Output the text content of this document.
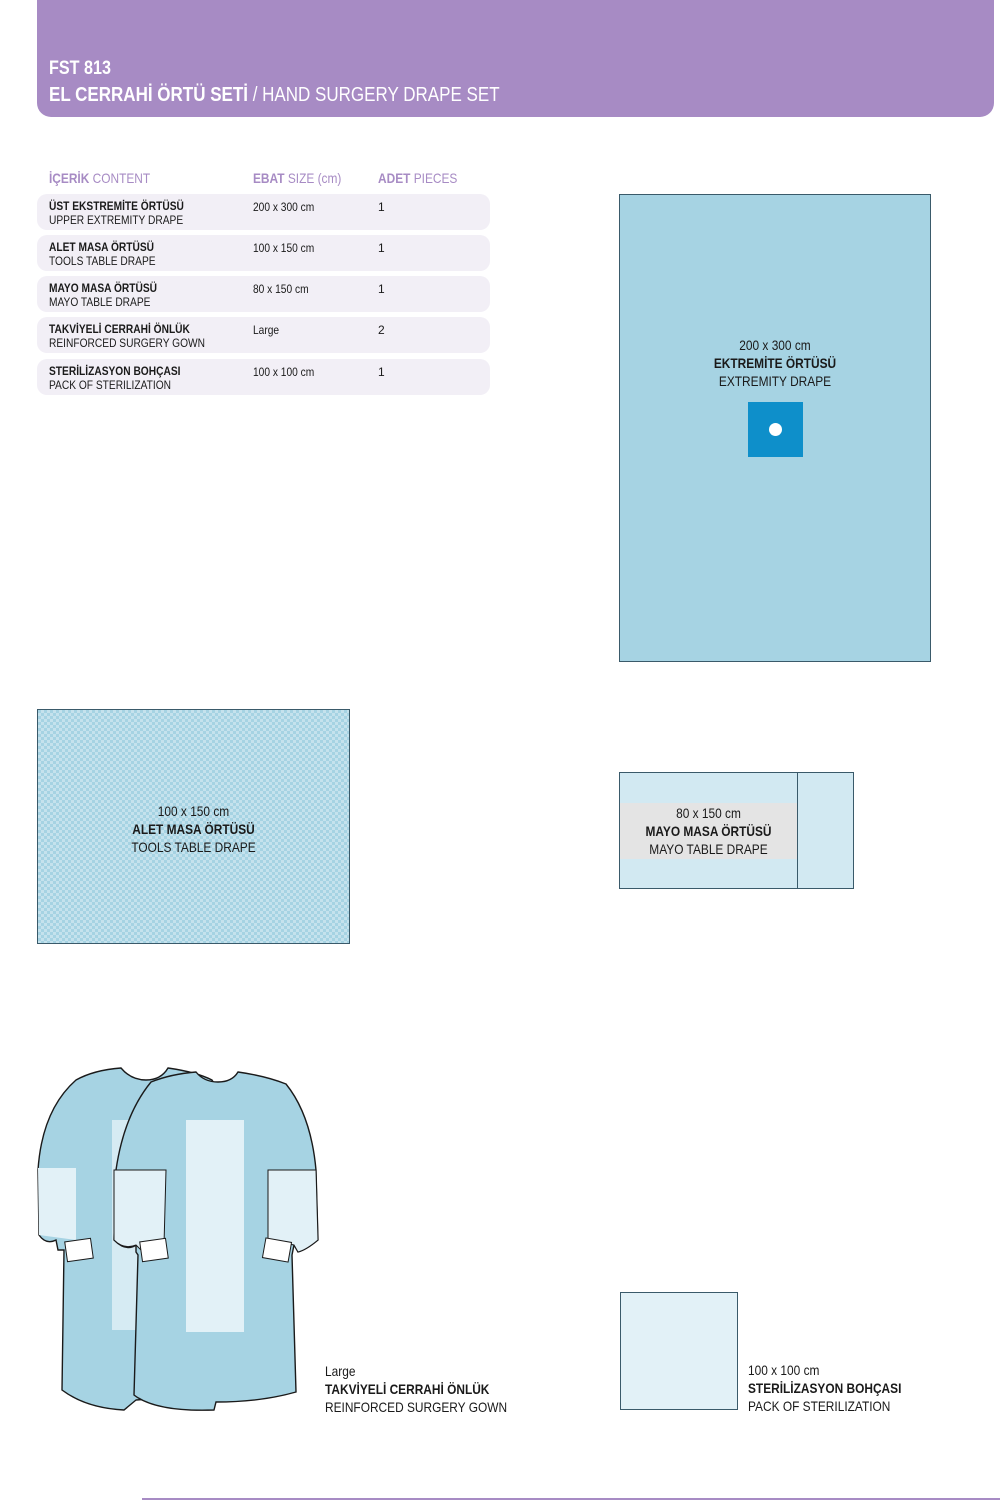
FST 813
EL CERRAHİ ÖRTÜ SETİ / HAND SURGERY DRAPE SET
İÇERİK CONTENT	EBAT SIZE (cm)	ADET PIECES
ÜST EKSTREMİTE ÖRTÜSÜ
UPPER EXTREMITY DRAPE
200 x 300 cm	1
ALET MASA ÖRTÜSÜ
TOOLS TABLE DRAPE
100 x 150 cm	1
MAYO MASA ÖRTÜSÜ
MAYO TABLE DRAPE
80 x 150 cm	1
TAKVİYELİ CERRAHİ ÖNLÜK
REINFORCED SURGERY GOWN
Large	2
STERİLİZASYON BOHÇASI
PACK OF STERILIZATION
100 x 100 cm	1
200 x 300 cm
EKTREMİTE ÖRTÜSÜ
EXTREMITY DRAPE
100 x 150 cm
ALET MASA ÖRTÜSÜ
TOOLS TABLE DRAPE
80 x 150 cm
MAYO MASA ÖRTÜSÜ
MAYO TABLE DRAPE
Large
TAKVİYELİ CERRAHİ ÖNLÜK
REINFORCED SURGERY GOWN
100 x 100 cm
STERİLİZASYON BOHÇASI
PACK OF STERILIZATION
